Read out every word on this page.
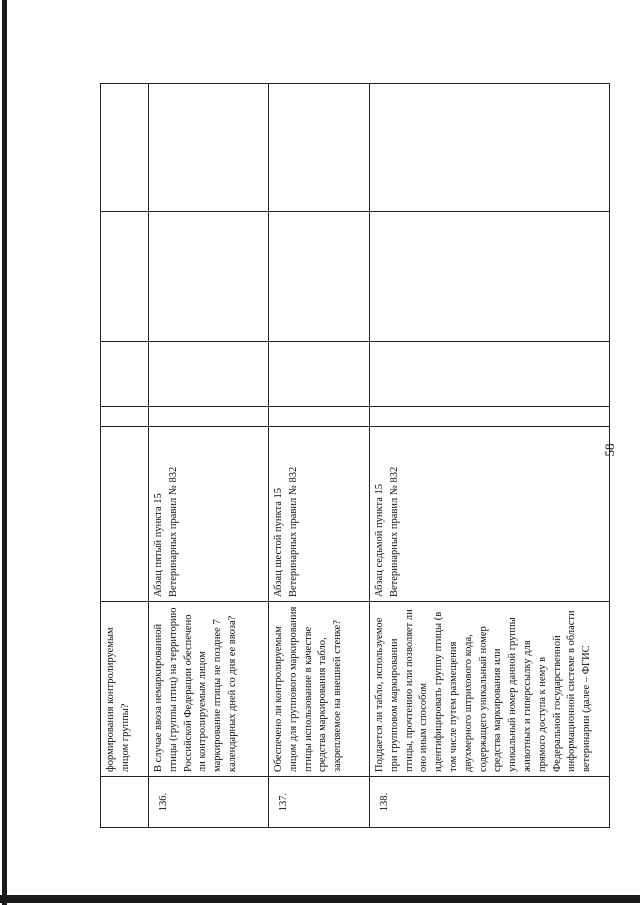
58
формирования контролируемым лицом группы?
136.
В случае ввоза немаркированной птицы (группы птиц) на территорию Российской Федерации обеспечено ли контролируемым лицом маркирование птицы не позднее 7 календарных дней со дня ее ввоза?
Абзац пятый пункта 15 Ветеринарных правил № 832
137.
Обеспечено ли контролируемым лицом для группового маркирования птицы использование в качестве средства маркирования табло, закрепляемое на внешней стенке?
Абзац шестой пункта 15 Ветеринарных правил № 832
138.
Поддается ли табло, используемое при групповом маркировании птицы, прочтению или позволяет ли оно иным способом идентифицировать группу птицы (в том числе путем размещения двухмерного штрихового кода, содержащего уникальный номер средства маркирования или уникальный номер данной группы животных и гиперссылку для прямого доступа к нему в Федеральной государственной информационной системе в области ветеринарии (далее – ФГИС
Абзац седьмой пункта 15 Ветеринарных правил № 832
